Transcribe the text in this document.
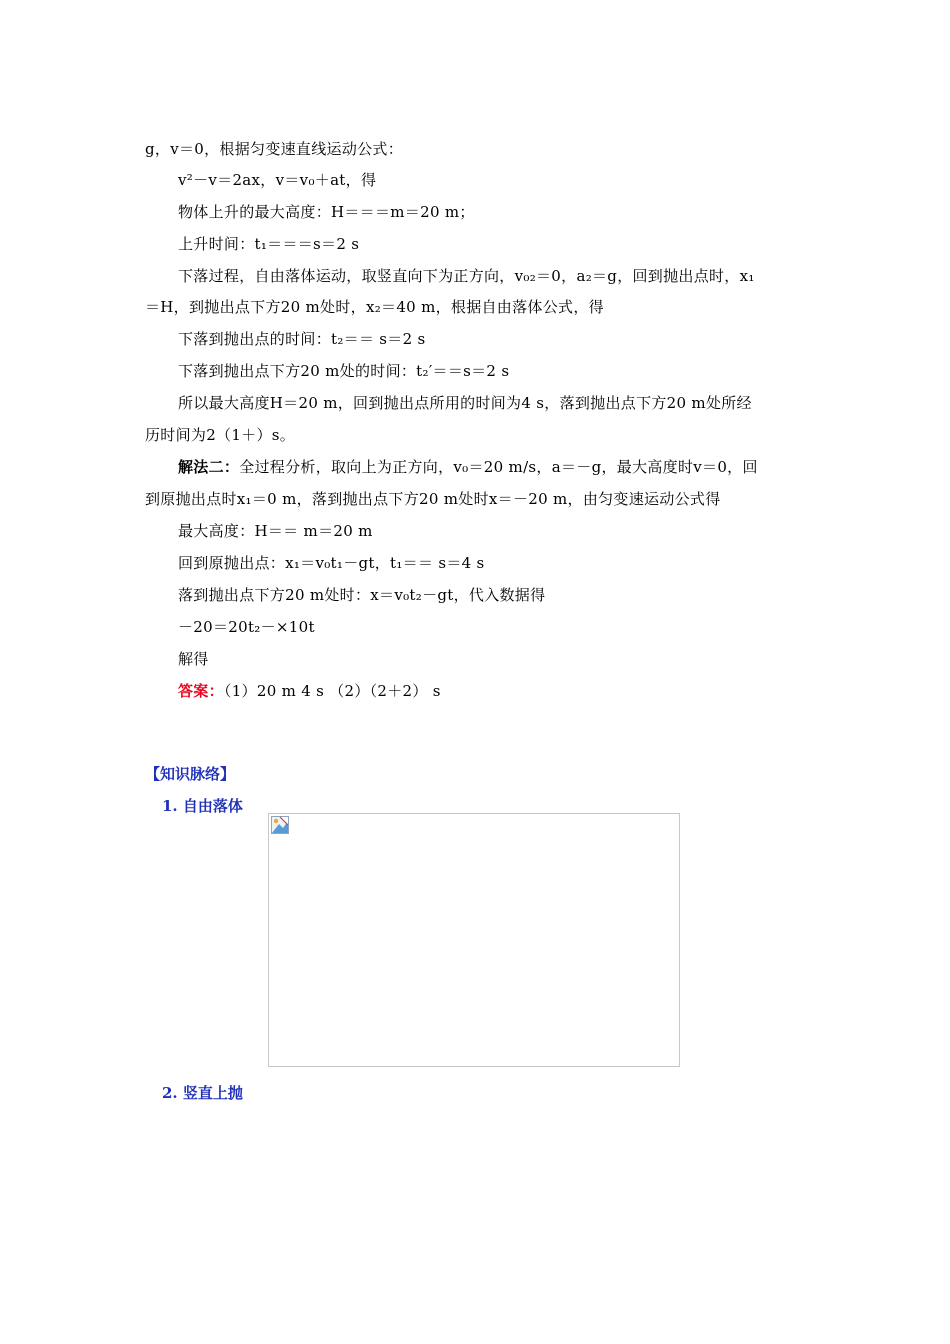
g，v＝0，根据匀变速直线运动公式：
v²－v＝2ax，v＝v₀＋at，得
物体上升的最大高度：H＝＝＝m＝20 m；
上升时间：t₁＝＝＝s＝2 s
下落过程，自由落体运动，取竖直向下为正方向，v₀₂＝0，a₂＝g，回到抛出点时，x₁
＝H，到抛出点下方20 m处时，x₂＝40 m，根据自由落体公式，得
下落到抛出点的时间：t₂＝＝ s＝2 s
下落到抛出点下方20 m处的时间：t₂′＝＝s＝2 s
所以最大高度H＝20 m，回到抛出点所用的时间为4 s，落到抛出点下方20 m处所经
历时间为2（1＋）s。
解法二：全过程分析，取向上为正方向，v₀＝20 m/s，a＝－g，最大高度时v＝0，回
到原抛出点时x₁＝0 m，落到抛出点下方20 m处时x＝－20 m，由匀变速运动公式得
最大高度：H＝＝ m＝20 m
回到原抛出点：x₁＝v₀t₁－gt，t₁＝＝ s＝4 s
落到抛出点下方20 m处时：x＝v₀t₂－gt，代入数据得
－20＝20t₂－×10t
解得
答案：（1）20 m 4 s （2）（2＋2） s
【知识脉络】
1. 自由落体
2. 竖直上抛
